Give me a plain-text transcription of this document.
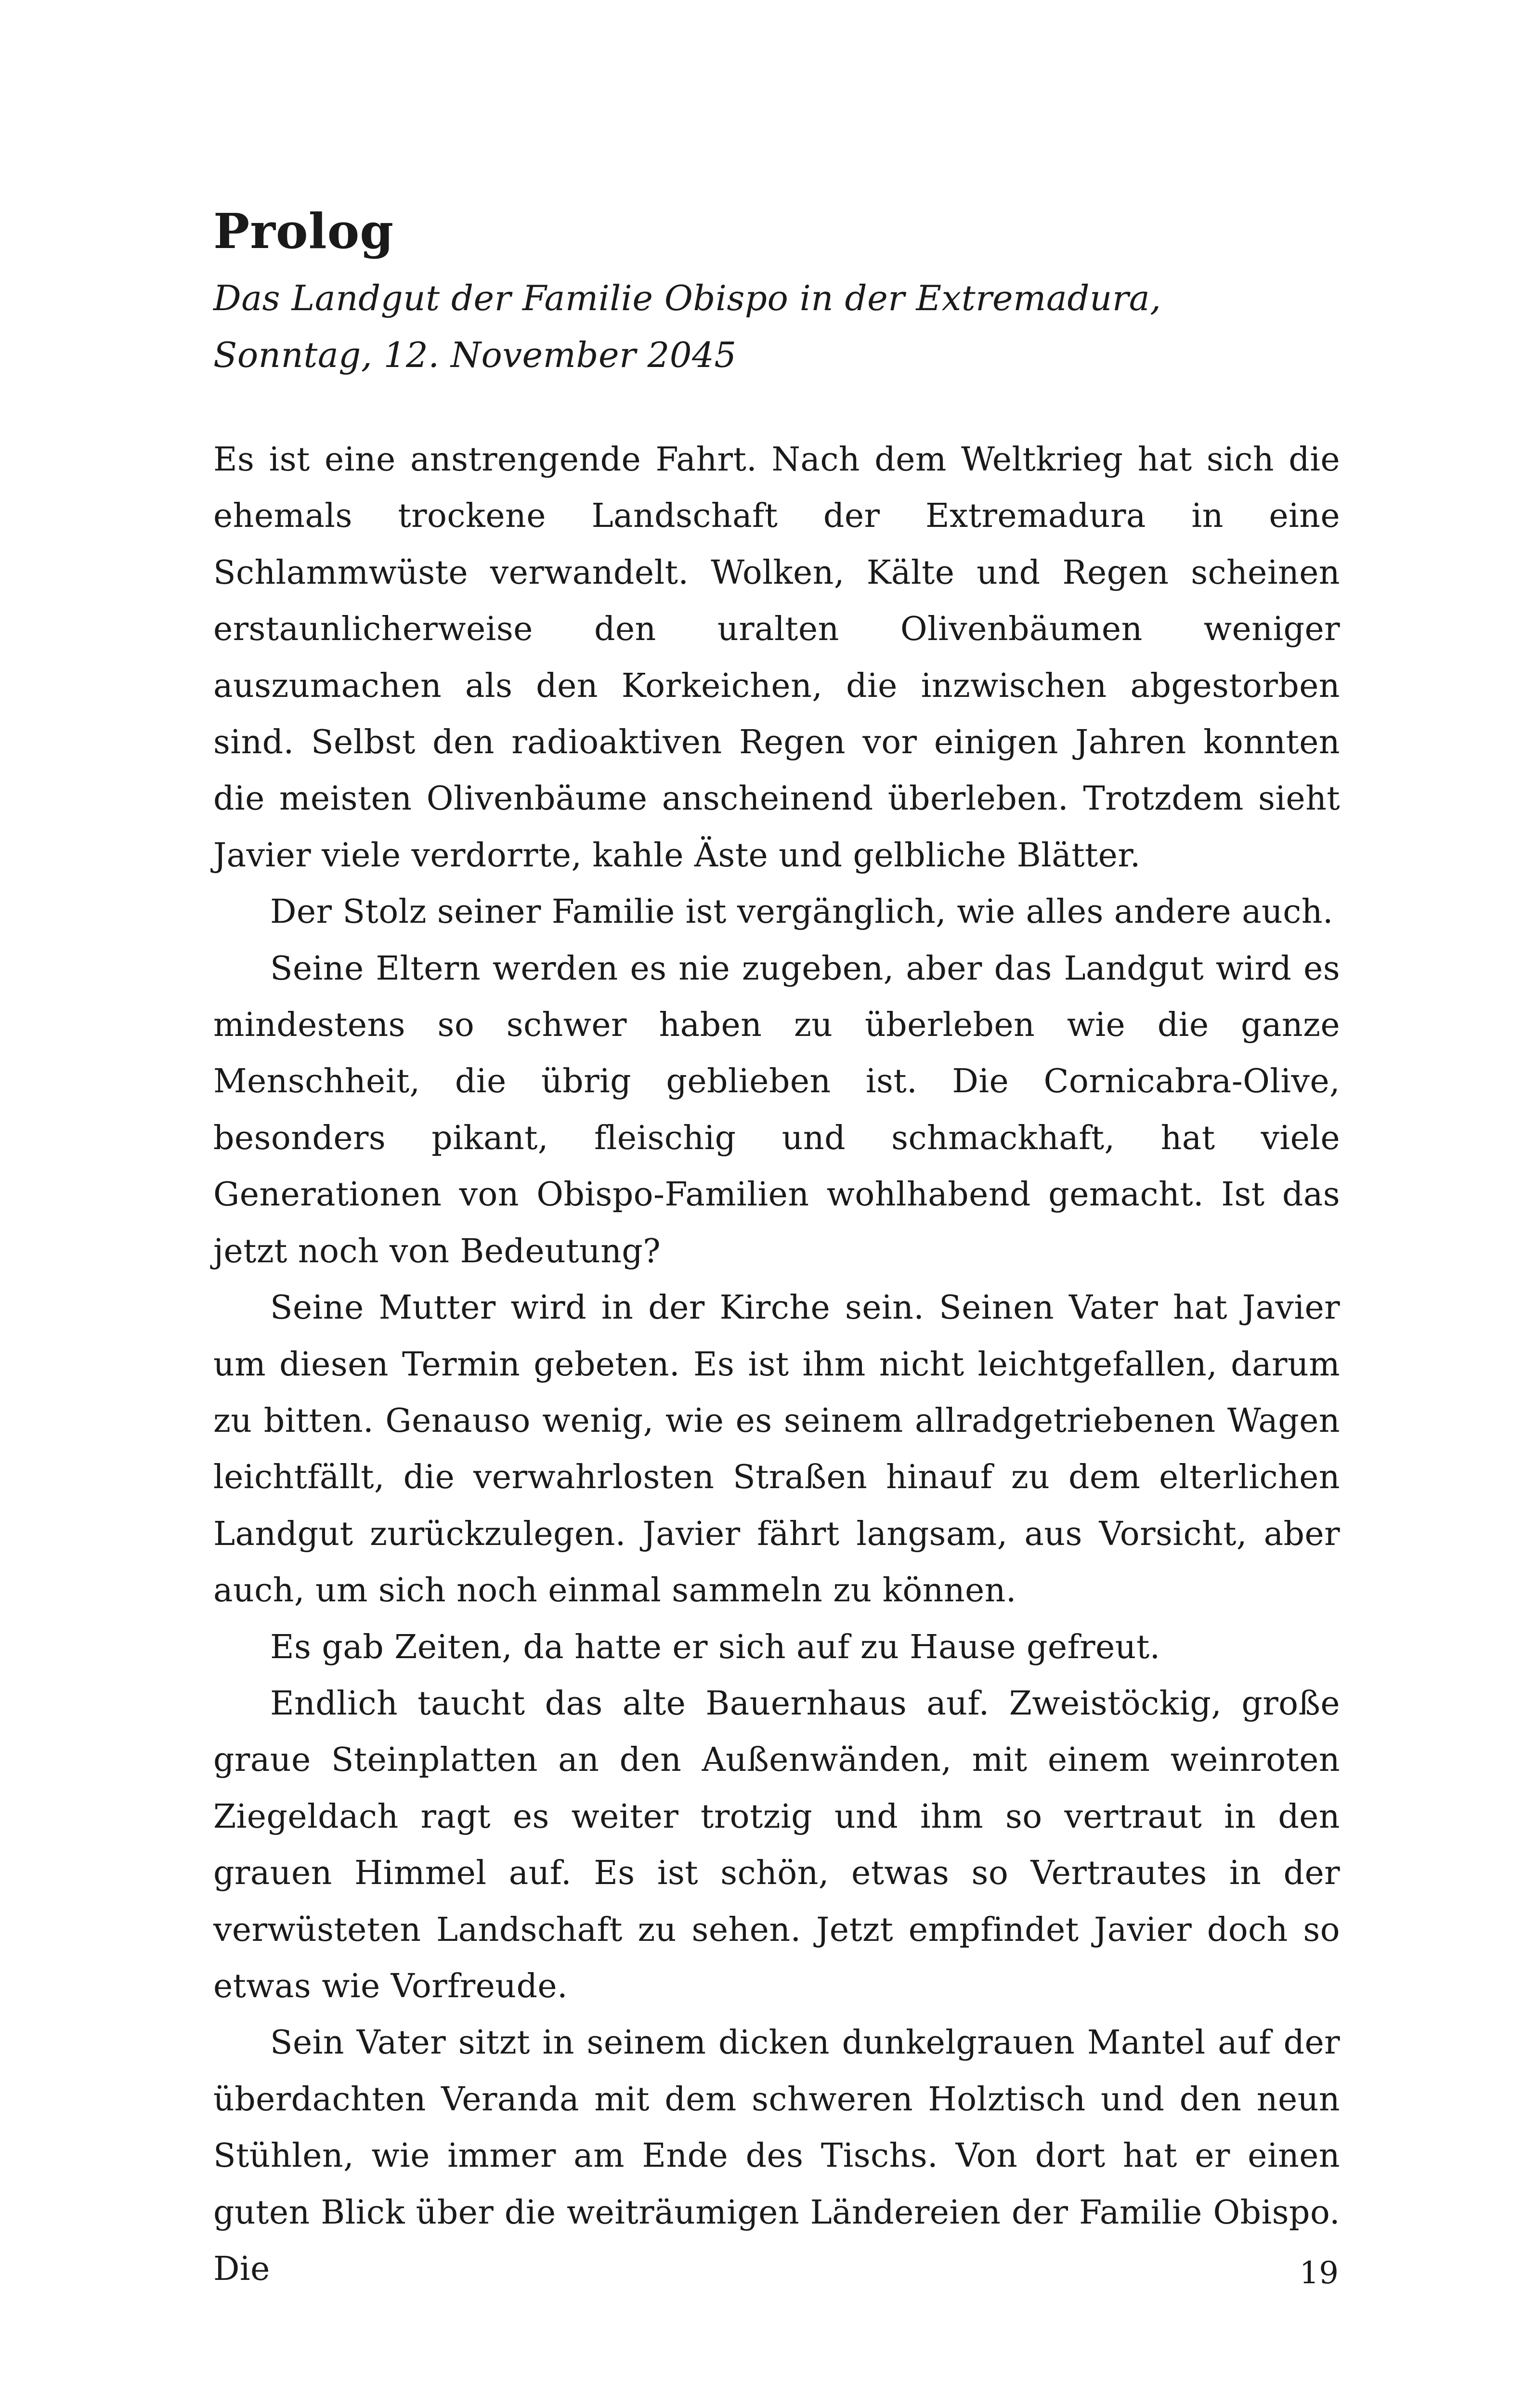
Prolog
Das Landgut der Familie Obispo in der Extremadura,
Sonntag, 12. November 2045

Es ist eine anstrengende Fahrt. Nach dem Weltkrieg hat sich die ehemals trockene Landschaft der Extremadura in eine Schlammwüste verwandelt. Wolken, Kälte und Regen scheinen erstaunlicherweise den uralten Olivenbäumen weniger auszumachen als den Korkeichen, die inzwischen abgestorben sind. Selbst den radioaktiven Regen vor einigen Jahren konnten die meisten Olivenbäume anscheinend überleben. Trotzdem sieht Javier viele verdorrte, kahle Äste und gelbliche Blätter.

Der Stolz seiner Familie ist vergänglich, wie alles andere auch.

Seine Eltern werden es nie zugeben, aber das Landgut wird es mindestens so schwer haben zu überleben wie die ganze Menschheit, die übrig geblieben ist. Die Cornicabra-Olive, besonders pikant, fleischig und schmackhaft, hat viele Generationen von Obispo-Familien wohlhabend gemacht. Ist das jetzt noch von Bedeutung?

Seine Mutter wird in der Kirche sein. Seinen Vater hat Javier um diesen Termin gebeten. Es ist ihm nicht leichtgefallen, darum zu bitten. Genauso wenig, wie es seinem allradgetriebenen Wagen leichtfällt, die verwahrlosten Straßen hinauf zu dem elterlichen Landgut zurückzulegen. Javier fährt langsam, aus Vorsicht, aber auch, um sich noch einmal sammeln zu können.

Es gab Zeiten, da hatte er sich auf zu Hause gefreut.

Endlich taucht das alte Bauernhaus auf. Zweistöckig, große graue Steinplatten an den Außenwänden, mit einem weinroten Ziegeldach ragt es weiter trotzig und ihm so vertraut in den grauen Himmel auf. Es ist schön, etwas so Vertrautes in der verwüsteten Landschaft zu sehen. Jetzt empfindet Javier doch so etwas wie Vorfreude.

Sein Vater sitzt in seinem dicken dunkelgrauen Mantel auf der überdachten Veranda mit dem schweren Holztisch und den neun Stühlen, wie immer am Ende des Tischs. Von dort hat er einen guten Blick über die weiträumigen Ländereien der Familie Obispo. Die	19
